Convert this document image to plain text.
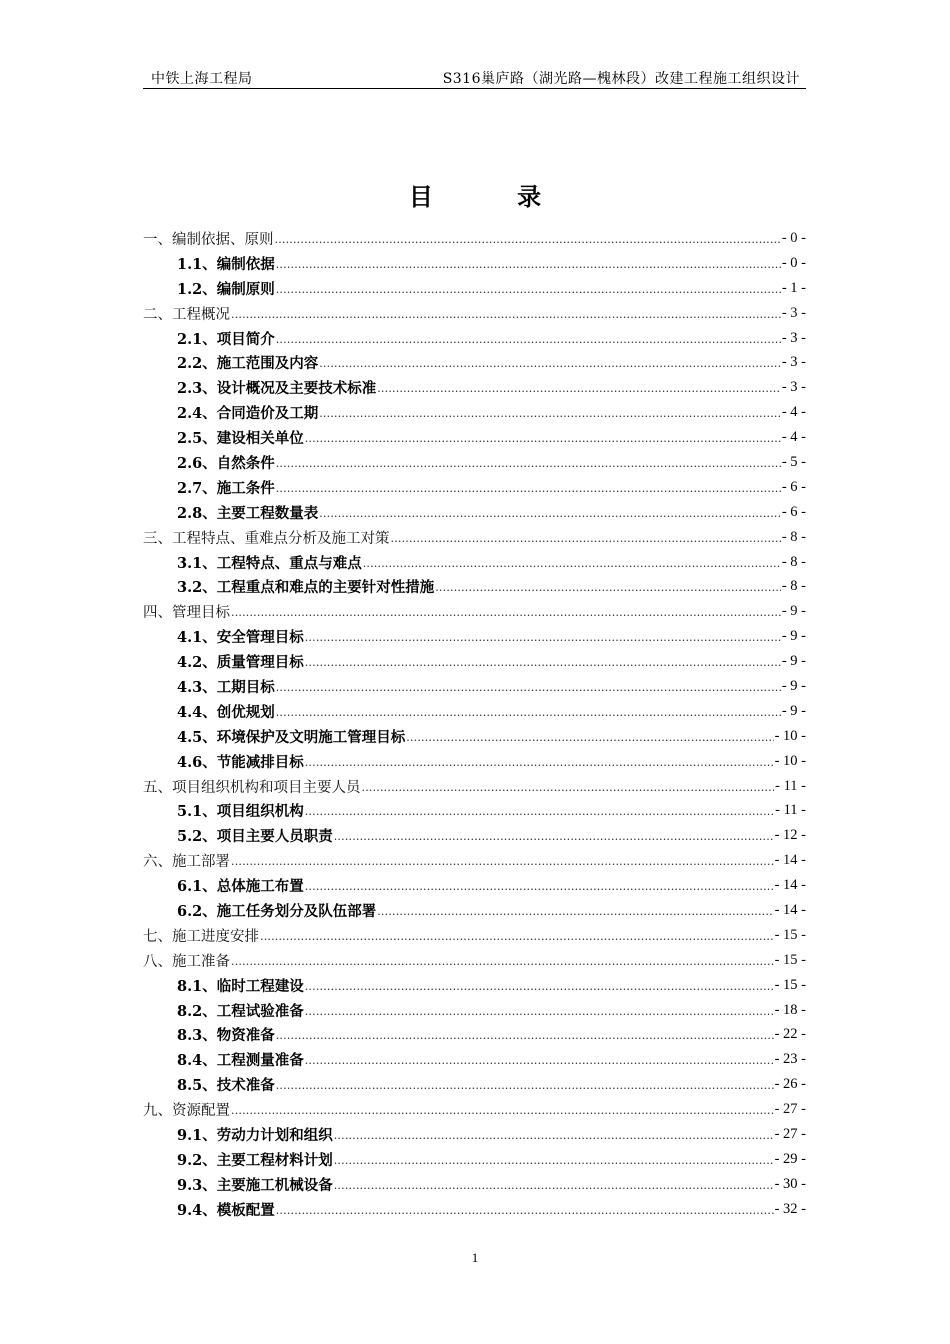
中铁上海工程局	S316巢庐路（湖光路—槐林段）改建工程施工组织设计
目 录
一、编制依据、原则 .....	- 0 -
1.1、编制依据 .....	- 0 -
1.2、编制原则 .....	- 1 -
二、工程概况 .....	- 3 -
2.1、项目简介 .....	- 3 -
2.2、施工范围及内容 .....	- 3 -
2.3、设计概况及主要技术标准 .....	- 3 -
2.4、合同造价及工期 .....	- 4 -
2.5、建设相关单位 .....	- 4 -
2.6、自然条件 .....	- 5 -
2.7、施工条件 .....	- 6 -
2.8、主要工程数量表 .....	- 6 -
三、工程特点、重难点分析及施工对策 .....	- 8 -
3.1、工程特点、重点与难点 .....	- 8 -
3.2、工程重点和难点的主要针对性措施 .....	- 8 -
四、管理目标 .....	- 9 -
4.1、安全管理目标 .....	- 9 -
4.2、质量管理目标 .....	- 9 -
4.3、工期目标 .....	- 9 -
4.4、创优规划 .....	- 9 -
4.5、环境保护及文明施工管理目标 .....	- 10 -
4.6、节能减排目标 .....	- 10 -
五、项目组织机构和项目主要人员 .....	- 11 -
5.1、项目组织机构 .....	- 11 -
5.2、项目主要人员职责 .....	- 12 -
六、施工部署 .....	- 14 -
6.1、总体施工布置 .....	- 14 -
6.2、施工任务划分及队伍部署 .....	- 14 -
七、施工进度安排 .....	- 15 -
八、施工准备 .....	- 15 -
8.1、临时工程建设 .....	- 15 -
8.2、工程试验准备 .....	- 18 -
8.3、物资准备 .....	- 22 -
8.4、工程测量准备 .....	- 23 -
8.5、技术准备 .....	- 26 -
九、资源配置 .....	- 27 -
9.1、劳动力计划和组织 .....	- 27 -
9.2、主要工程材料计划 .....	- 29 -
9.3、主要施工机械设备 .....	- 30 -
9.4、模板配置 .....	- 32 -
1
